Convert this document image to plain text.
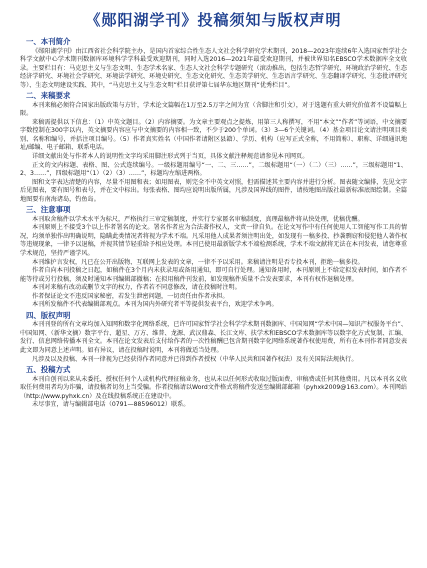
《郧阳湖学刊》投稿须知与版权声明
一、本刊简介

《郧阳湖学刊》由江西省社会科学院主办，是国内首家综合性生态人文社会科学研究学术期刊，2018—2023年连续6年入选国家哲学社会科学文献中心学术期刊数据库环境科学学科最受欢迎期刊，同时入选2016—2021年最受欢迎期刊，并被世界知名EBSCO学术数据库全文收录。主要栏目有：马克思主义与生态文明、生态学术名家、生态人文社会科学专题研究（滚动推出，包括生态哲学研究、环境政治学研究、生态经济学研究、环境社会学研究、环境法学研究、环境史研究、生态文化研究、生态美学研究、生态语言学研究、生态翻译学研究、生态批评研究等）、生态文明建设实践、其中，“马克思主义与生态文明”栏目获评第七届华东地区期刊“优秀栏目”。

二、来稿要求

本刊来稿必须符合国家出版政策与方针，学术论文篇幅在1万至2.5万字之间为宜（含脚注和引文），对于选题有重大研究价值者不设篇幅上限。

来稿需提供以下信息：（1）中英文题目。（2）内容摘要。为文章主要观点之提炼，用第三人称撰写，不用“本文”“作者”等词语，中文摘要字数控制在300字以内，英文摘要内容应与中文摘要的内容相一致，不少于200个单词。（3）3—6个关键词。（4）基金项目论文请注明项目类别、名称和编号，并括注项目编号。（5）作者真实姓名（中国作者请附区县籍）、学历、机构（应写正式全称，不用简称）、职称、详细通讯地址/邮编、电子邮箱、联系电话。

详细文献出处与作者本人的说明性文字均采用脚注形式列于当页，具体文献注释规范请参见本刊网页。

正文的文内标题、表格、图、公式连续编号。一级标题用编号“一、二、三……”，二级标题用“（一）（二）（三）……”，三级标题用“1、2、3……”，四级标题用“（1）（2）（3）……”，标题均左缩进两格。

图和文字表达清楚的内容，尽量不用图和表；如用图表，则完全不中英文对照，但需描述其主要内容并进行分析。图表随文编排，先见文字后见图表，要有图号和表号，并在文中标出。每张表格、图均应说明出版所属，凡涉及国界线的图件，请按地图出版社最新标准底图绘制。全篇地图要有南海诸岛，钓鱼岛。

三、注意事项

本刊取舍稿件以学术水平为标尺，严格执行三审定稿制度，并实行专家匿名审稿制度，真理最稿件将从快处理，优稿优酬。

本刊原则上不接受3个以上作者署名的论文。署名作者应为合法著作权人，文责一律自负。在论文写作中有任何使用人工智能写作工具的情况，均须单独作出明确说明，隐瞒此类情况者将视为学术不端。凡采用他人成果者须注明出处，如发现有一稿多投、抄袭剽窃和侵犯他人著作权等违规现象，一律予以退稿，并视其情节轻重给予相应处理。本刊已使用最新版学术不端检测系统，学术不端文献将无法在本刊发表，请您尊重学术规范，坚持严谨学风。

本刊维护言发权，凡已在公开出版物、互联网上发表的文章，一律不予以采用。来稿请注明是否专投本刊，拒绝一稿多投。

作者自向本刊投稿之日起，如稿件在3个月内未获录用或备用通知，即可自行处理。通知备用时，本刊原则上不给定拟发表时间，如作者不能等待或另行投稿，须及时通知本刊编辑部撤稿；在拟用稿件刊发前，如发现稿件质量不合发表要求，本刊有权作退稿处理。

本刊对来稿有改动或删节文字的权力，作者若不同意修改，请在投稿时注明。

作者保证论文不违反国家秘密，若发生泄密问题，一切责任由作者承担。

本刊所发稿件不代表编辑部观点。本刊为国内外研究者平等提供发表平台，欢迎学术争鸣。

四、版权声明

本刊刊登的所有文章均加入知网和数字化网络系统，已许可国家哲学社会科学学术期刊数据库、中国知网“学术中国—知识产权服务平台”、中国知网、（新华文摘）数字平台、超星、万方、维普、龙源、武汉鼎森、长江文库、扶学术和EBSCO学术数据库等以数字化方式复制、汇编、发行、信息网络传播本刊全文。本刊在论文发表后支付给作者的一次性稿酬已包含期刊数字化网络系统著作权使用费，所有在本刊作者同意发表此文即为同意上述声明。如有异议，请在投稿时说明，本刊将做适当处理。

凡涉及以及投稿、本刊一律视为已经获得作者同意并已得到作者授权（中华人民共和国著作权法）及有关国际法规执行。

五、投稿方式

本刊自创刊以来从未委托、授权任何个人或机构代理征稿业务，也从未以任何形式收取过版面费、审稿费或任何其他费用。凡以本刊名义收取任何费用者均为诈骗，请投稿者切勿上当受骗。作者投稿请以Word文件格式将稿件发送至编辑部邮箱（pyhxk2009@163.com）。本刊网站（http://www.pyhxk.cn）及在线投稿系统正在建设中。

未尽事宜，请与编辑部电话（0791—88596012）联系。
